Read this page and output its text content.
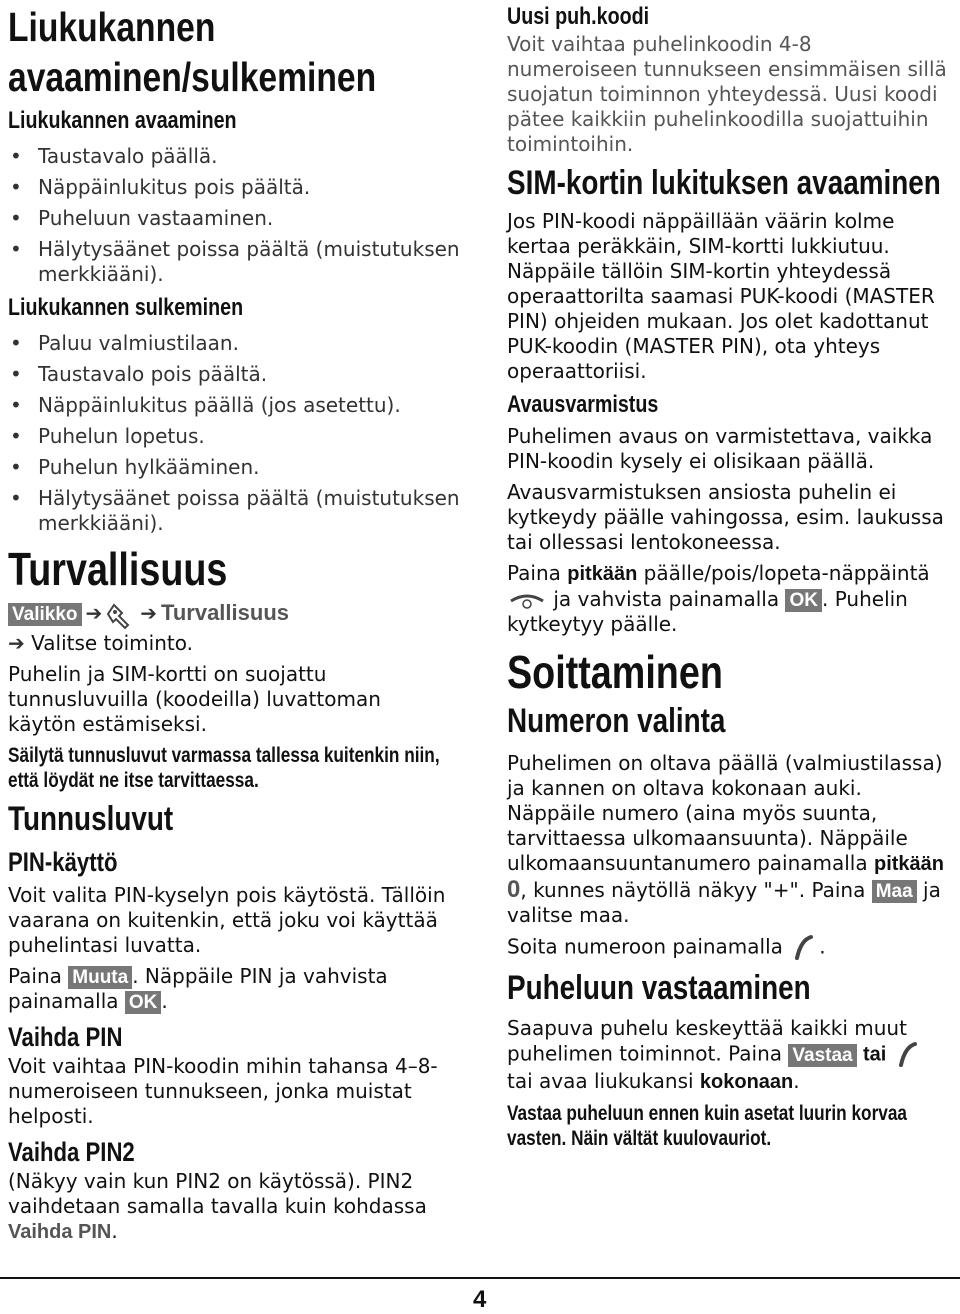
Liukukannen avaaminen/sulkeminen
Liukukannen avaaminen
• Taustavalo päällä.
• Näppäinlukitus pois päältä.
• Puheluun vastaaminen.
• Hälytysäänet poissa päältä (muistutuksen merkkiääni).
Liukukannen sulkeminen
• Paluu valmiustilaan.
• Taustavalo pois päältä.
• Näppäinlukitus päällä (jos asetettu).
• Puhelun lopetus.
• Puhelun hylkääminen.
• Hälytysäänet poissa päältä (muistutuksen merkkiääni).
Turvallisuus
Valikko ➔ ➔ Turvallisuus
➔ Valitse toiminto.
Puhelin ja SIM-kortti on suojattu tunnusluvuilla (koodeilla) luvattoman käytön estämiseksi.
Säilytä tunnusluvut varmassa tallessa kuitenkin niin, että löydät ne itse tarvittaessa.
Tunnusluvut
PIN-käyttö
Voit valita PIN-kyselyn pois käytöstä. Tällöin vaarana on kuitenkin, että joku voi käyttää puhelintasi luvatta.
Paina Muuta . Näppäile PIN ja vahvista painamalla OK .
Vaihda PIN
Voit vaihtaa PIN-koodin mihin tahansa 4–8-numeroiseen tunnukseen, jonka muistat helposti.
Vaihda PIN2
(Näkyy vain kun PIN2 on käytössä). PIN2 vaihdetaan samalla tavalla kuin kohdassa Vaihda PIN.
Uusi puh.koodi
Voit vaihtaa puhelinkoodin 4-8 numeroiseen tunnukseen ensimmäisen sillä suojatun toiminnon yhteydessä. Uusi koodi pätee kaikkiin puhelinkoodilla suojattuihin toimintoihin.
SIM-kortin lukituksen avaaminen
Jos PIN-koodi näppäillään väärin kolme kertaa peräkkäin, SIM-kortti lukkiutuu. Näppäile tällöin SIM-kortin yhteydessä operaattorilta saamasi PUK-koodi (MASTER PIN) ohjeiden mukaan. Jos olet kadottanut PUK-koodin (MASTER PIN), ota yhteys operaattoriisi.
Avausvarmistus
Puhelimen avaus on varmistettava, vaikka PIN-koodin kysely ei olisikaan päällä.
Avausvarmistuksen ansiosta puhelin ei kytkeydy päälle vahingossa, esim. laukussa tai ollessasi lentokoneessa.
Paina pitkään päälle/pois/lopeta-näppäintä  ja vahvista painamalla OK . Puhelin kytkeytyy päälle.
Soittaminen
Numeron valinta
Puhelimen on oltava päällä (valmiustilassa) ja kannen on oltava kokonaan auki. Näppäile numero (aina myös suunta, tarvittaessa ulkomaansuunta). Näppäile ulkomaansuuntanumero painamalla pitkään 0, kunnes näytöllä näkyy "+". Paina Maa ja valitse maa.
Soita numeroon painamalla .
Puheluun vastaaminen
Saapuva puhelu keskeyttää kaikki muut puhelimen toiminnot. Paina Vastaa tai  tai avaa liukukansi kokonaan.
Vastaa puheluun ennen kuin asetat luurin korvaa vasten. Näin vältät kuulovauriot.
4
